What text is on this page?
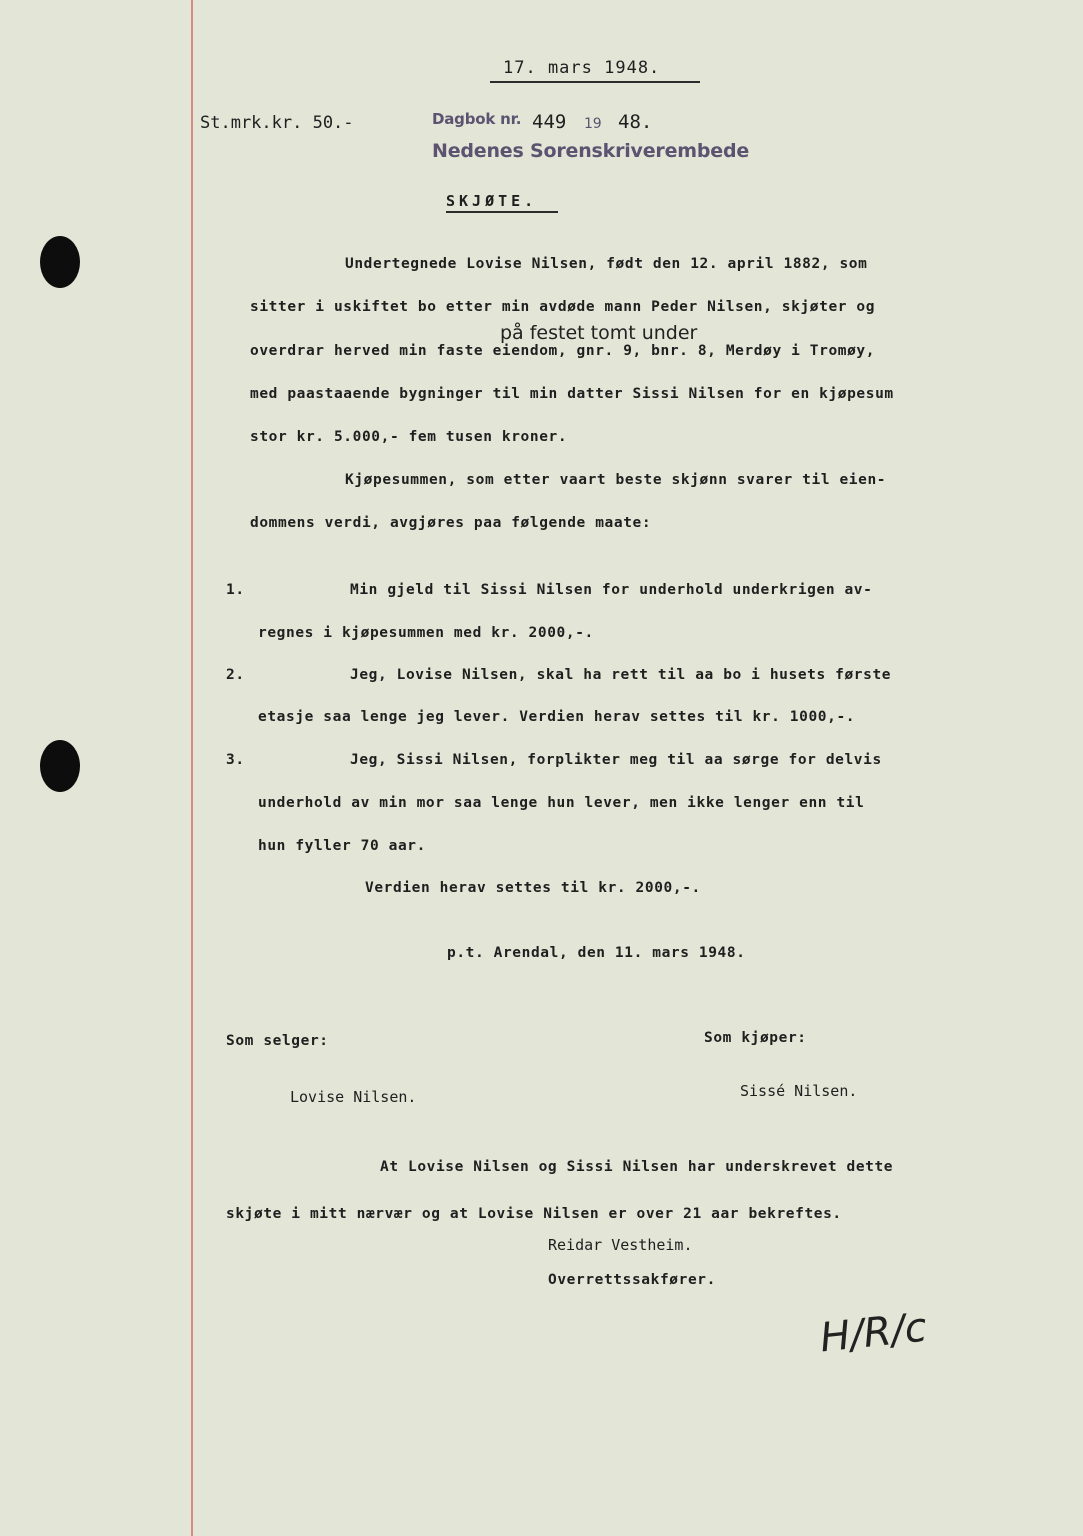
17. mars 1948.
St.mrk.kr. 50.-	Dagbok nr. 449 19 48.
Nedenes Sorenskriverembede
SKJØTE.
Undertegnede Lovise Nilsen, født den 12. april 1882, som
sitter i uskiftet bo etter min avdøde mann Peder Nilsen, skjøter og
på festet tomt under
overdrar herved min faste eiendom, gnr. 9, bnr. 8, Merdøy i Tromøy,
med paastaaende bygninger til min datter Sissi Nilsen for en kjøpesum
stor kr. 5.000,- fem tusen kroner.
Kjøpesummen, som etter vaart beste skjønn svarer til eien-
dommens verdi, avgjøres paa følgende maate:
1.	Min gjeld til Sissi Nilsen for underhold underkrigen av-
regnes i kjøpesummen med kr. 2000,-.
2.	Jeg, Lovise Nilsen, skal ha rett til aa bo i husets første
etasje saa lenge jeg lever. Verdien herav settes til kr. 1000,-.
3.	Jeg, Sissi Nilsen, forplikter meg til aa sørge for delvis
underhold av min mor saa lenge hun lever, men ikke lenger enn til
hun fyller 70 aar.
Verdien herav settes til kr. 2000,-.
p.t. Arendal, den 11. mars 1948.
Som selger:	Som kjøper:
Lovise Nilsen.	Sissé Nilsen.
At Lovise Nilsen og Sissi Nilsen har underskrevet dette
skjøte i mitt nærvær og at Lovise Nilsen er over 21 aar bekreftes.
Reidar Vestheim.
Overrettssakfører.
H/R/c
